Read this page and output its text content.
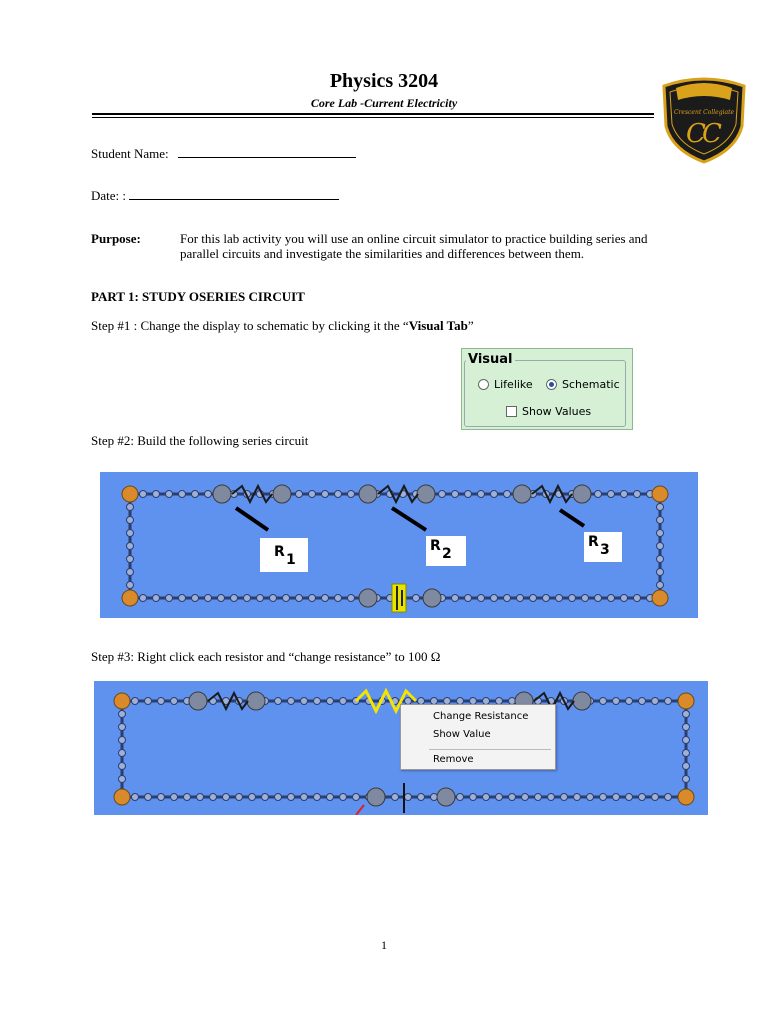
Physics 3204
Core Lab -Current Electricity
Crescent Collegiate
C
C
Student Name:
Date: :
Purpose:	For this lab activity you will use an online circuit simulator to practice building series and parallel circuits and investigate the similarities and differences between them.
PART 1: STUDY OSERIES CIRCUIT
Step #1 : Change the display to schematic by clicking it the “Visual Tab”
Visual
Lifelike	Schematic
Show Values
Step #2: Build the following series circuit
R 1
R 2
R 3
Step #3: Right click each resistor and “change resistance” to 100 Ω
Change Resistance
Show Value
Remove
1
